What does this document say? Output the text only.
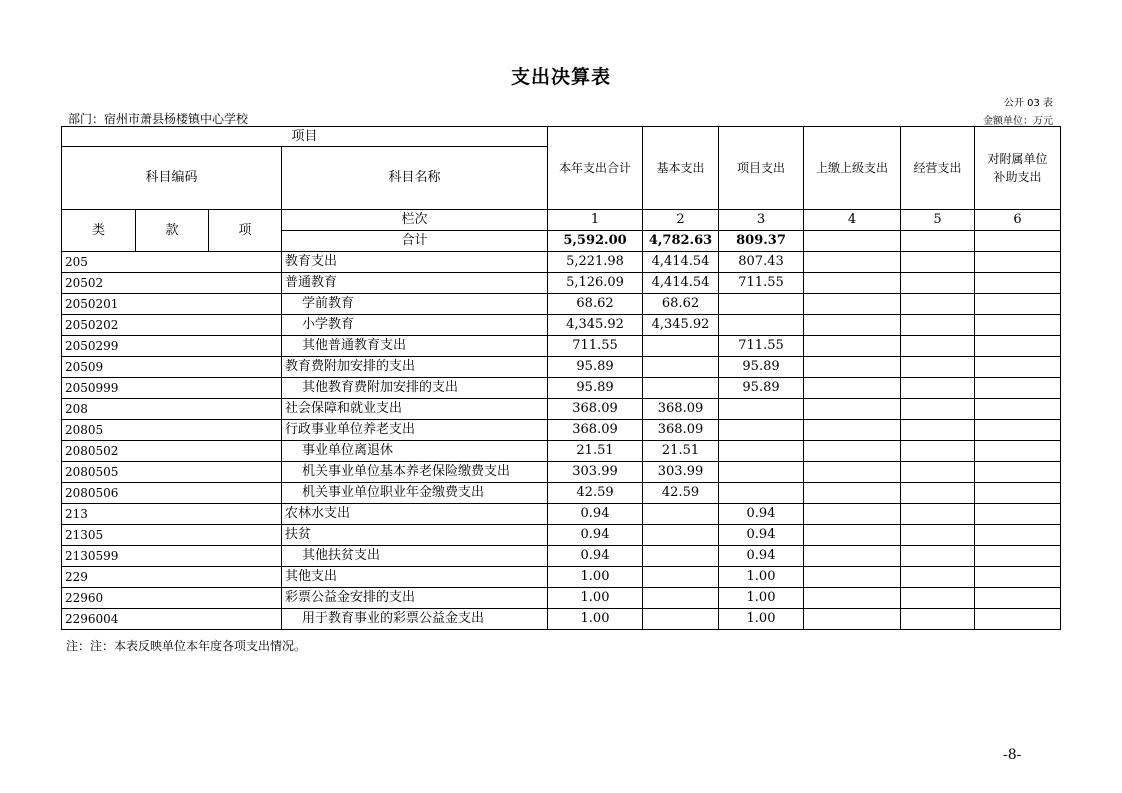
支出决算表
公开 03 表
部门：宿州市萧县杨楼镇中心学校	金额单位：万元
项目				本年支出合计	基本支出	项目支出	上缴上级支出	经营支出	对附属单位
补助支出

科目编码			科目名称						
类	款	项	栏次	1	2	3	4	5	6
			合计	5,592.00	4,782.63	809.37			
205			教育支出	5,221.98	4,414.54	807.43			
20502			普通教育	5,126.09	4,414.54	711.55			
2050201			学前教育	68.62	68.62				
2050202			小学教育	4,345.92	4,345.92				
2050299			其他普通教育支出	711.55		711.55			
20509			教育费附加安排的支出	95.89		95.89			
2050999			其他教育费附加安排的支出	95.89		95.89			
208			社会保障和就业支出	368.09	368.09				
20805			行政事业单位养老支出	368.09	368.09				
2080502			事业单位离退休	21.51	21.51				
2080505			机关事业单位基本养老保险缴费支出	303.99	303.99				
2080506			机关事业单位职业年金缴费支出	42.59	42.59				
213			农林水支出	0.94		0.94			
21305			扶贫	0.94		0.94			
2130599			其他扶贫支出	0.94		0.94			
229			其他支出	1.00		1.00			
22960			彩票公益金安排的支出	1.00		1.00			
2296004			用于教育事业的彩票公益金支出	1.00		1.00			
注：注：本表反映单位本年度各项支出情况。
-8-
